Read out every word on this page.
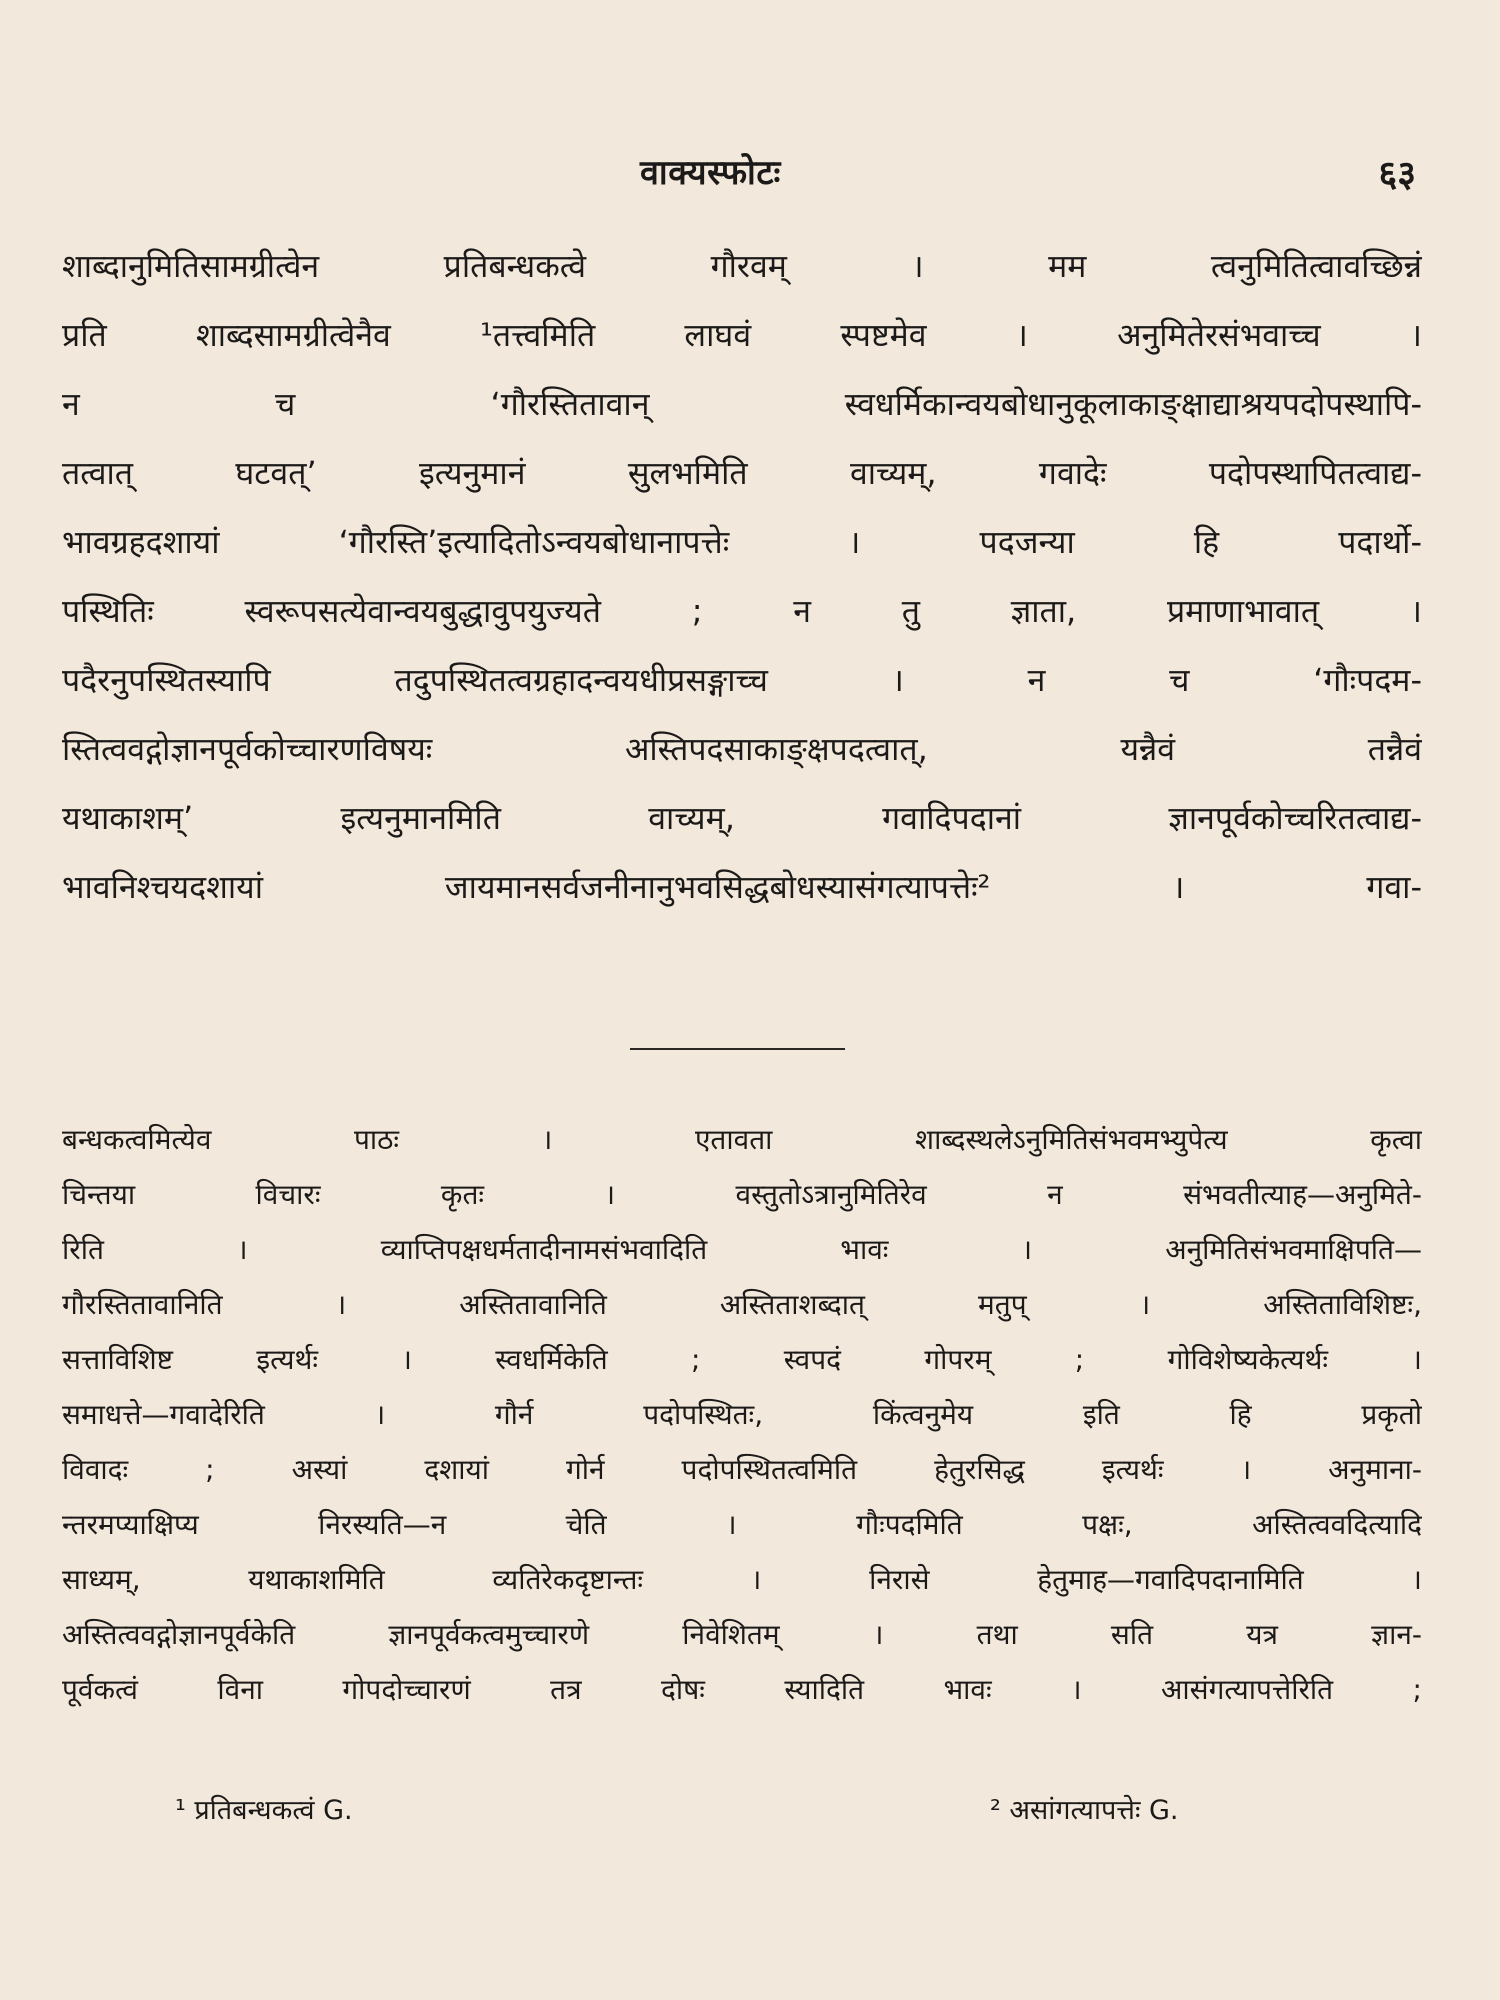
वाक्यस्फोटः	६३
शाब्दानुमितिसामग्रीत्वेन प्रतिबन्धकत्वे गौरवम् । मम त्वनुमितित्वावच्छिन्नं
प्रति शाब्दसामग्रीत्वेनैव ¹तत्त्वमिति लाघवं स्पष्टमेव । अनुमितेरसंभवाच्च ।
न च ‘गौरस्तितावान् स्वधर्मिकान्वयबोधानुकूलाकाङ्क्षाद्याश्रयपदोपस्थापि-
तत्वात् घटवत्’ इत्यनुमानं सुलभमिति वाच्यम्, गवादेः पदोपस्थापितत्वाद्य-
भावग्रहदशायां ‘गौरस्ति’इत्यादितोऽन्वयबोधानापत्तेः । पदजन्या हि पदार्थो-
पस्थितिः स्वरूपसत्येवान्वयबुद्धावुपयुज्यते ; न तु ज्ञाता, प्रमाणाभावात् ।
पदैरनुपस्थितस्यापि तदुपस्थितत्वग्रहादन्वयधीप्रसङ्गाच्च । न च ‘गौःपदम-
स्तित्ववद्गोज्ञानपूर्वकोच्चारणविषयः अस्तिपदसाकाङ्क्षपदत्वात्, यन्नैवं तन्नैवं
यथाकाशम्’ इत्यनुमानमिति वाच्यम्, गवादिपदानां ज्ञानपूर्वकोच्चरितत्वाद्य-
भावनिश्चयदशायां जायमानसर्वजनीनानुभवसिद्धबोधस्यासंगत्यापत्तेः² । गवा-
बन्धकत्वमित्येव पाठः । एतावता शाब्दस्थलेऽनुमितिसंभवमभ्युपेत्य कृत्वा
चिन्तया विचारः कृतः । वस्तुतोऽत्रानुमितिरेव न संभवतीत्याह—अनुमिते-
रिति । व्याप्तिपक्षधर्मतादीनामसंभवादिति भावः । अनुमितिसंभवमाक्षिपति—
गौरस्तितावानिति । अस्तितावानिति अस्तिताशब्दात् मतुप् । अस्तिताविशिष्टः,
सत्ताविशिष्ट इत्यर्थः । स्वधर्मिकेति ; स्वपदं गोपरम् ; गोविशेष्यकेत्यर्थः ।
समाधत्ते—गवादेरिति । गौर्न पदोपस्थितः, किंत्वनुमेय इति हि प्रकृतो
विवादः ; अस्यां दशायां गोर्न पदोपस्थितत्वमिति हेतुरसिद्ध इत्यर्थः । अनुमाना-
न्तरमप्याक्षिप्य निरस्यति—न चेति । गौःपदमिति पक्षः, अस्तित्ववदित्यादि
साध्यम्, यथाकाशमिति व्यतिरेकदृष्टान्तः । निरासे हेतुमाह—गवादिपदानामिति ।
अस्तित्ववद्गोज्ञानपूर्वकेति ज्ञानपूर्वकत्वमुच्चारणे निवेशितम् । तथा सति यत्र ज्ञान-
पूर्वकत्वं विना गोपदोच्चारणं तत्र दोषः स्यादिति भावः । आसंगत्यापत्तेरिति ;
¹ प्रतिबन्धकत्वं G.	² असांगत्यापत्तेः G.
